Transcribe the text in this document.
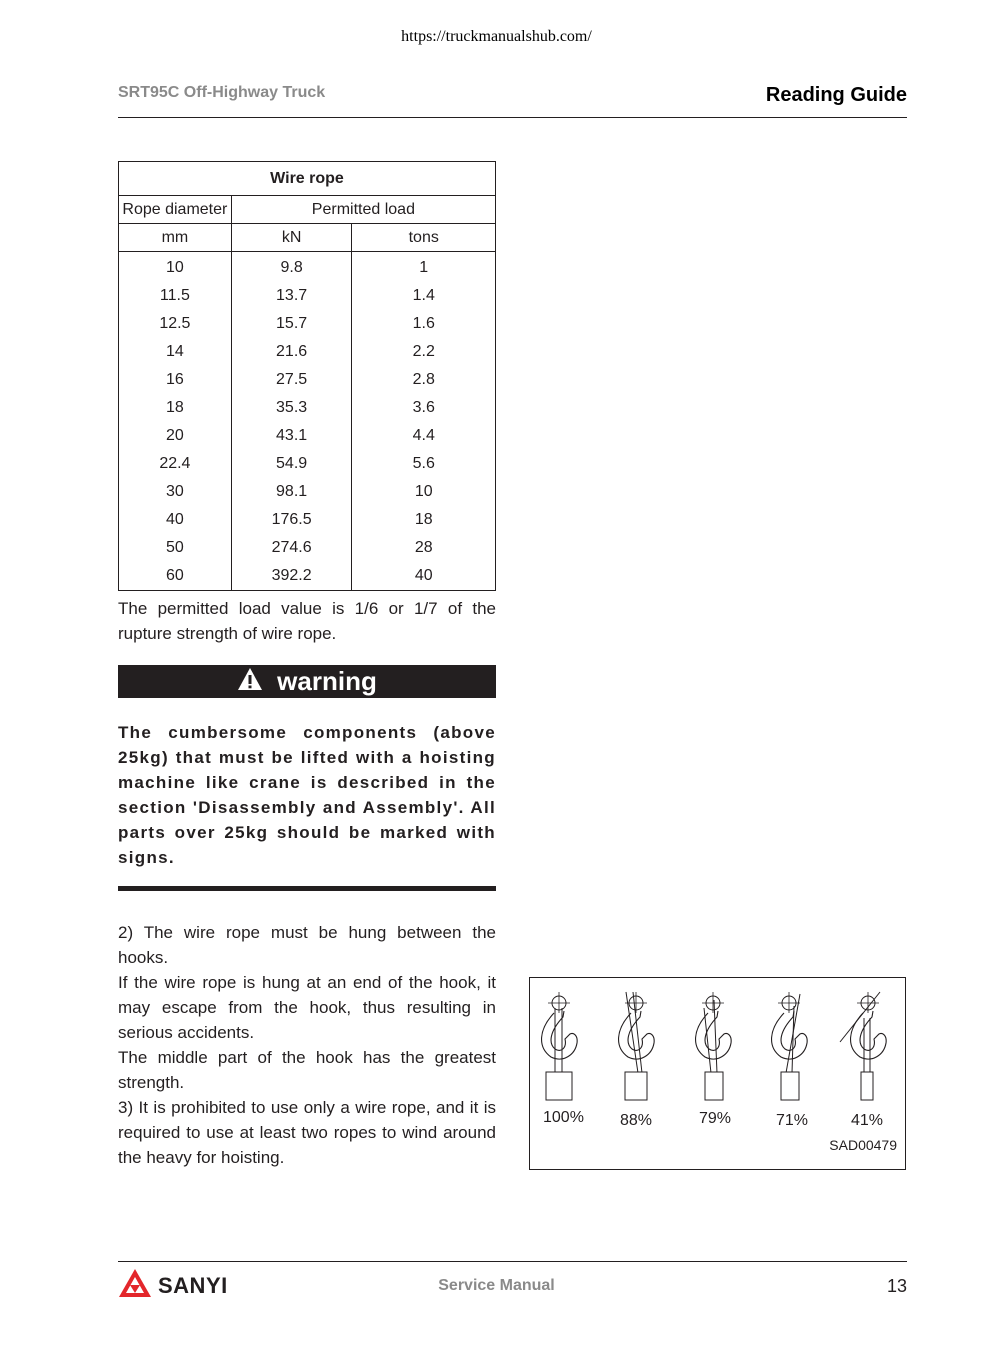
https://truckmanualshub.com/
SRT95C Off-Highway Truck	Reading Guide
Wire rope		
Rope diameter	Permitted load	
mm	kN	tons
10	9.8	1
11.5	13.7	1.4
12.5	15.7	1.6
14	21.6	2.2
16	27.5	2.8
18	35.3	3.6
20	43.1	4.4
22.4	54.9	5.6
30	98.1	10
40	176.5	18
50	274.6	28
60	392.2	40
The permitted load value is 1/6 or 1/7 of the rupture strength of wire rope.
warning
The cumbersome components (above 25kg) that must be lifted with a hoisting machine like crane is described in the section 'Disassembly and Assembly'. All parts over 25kg should be marked with signs.

2) The wire rope must be hung between the hooks.

If the wire rope is hung at an end of the hook, it may escape from the hook, thus resulting in serious accidents.

The middle part of the hook has the greatest strength.

3) It is prohibited to use only a wire rope, and it is required to use at least two ropes to wind around the heavy for hoisting.

100% 88%	79%	71%	41%
SAD00479
SANYI	Service Manual	13
